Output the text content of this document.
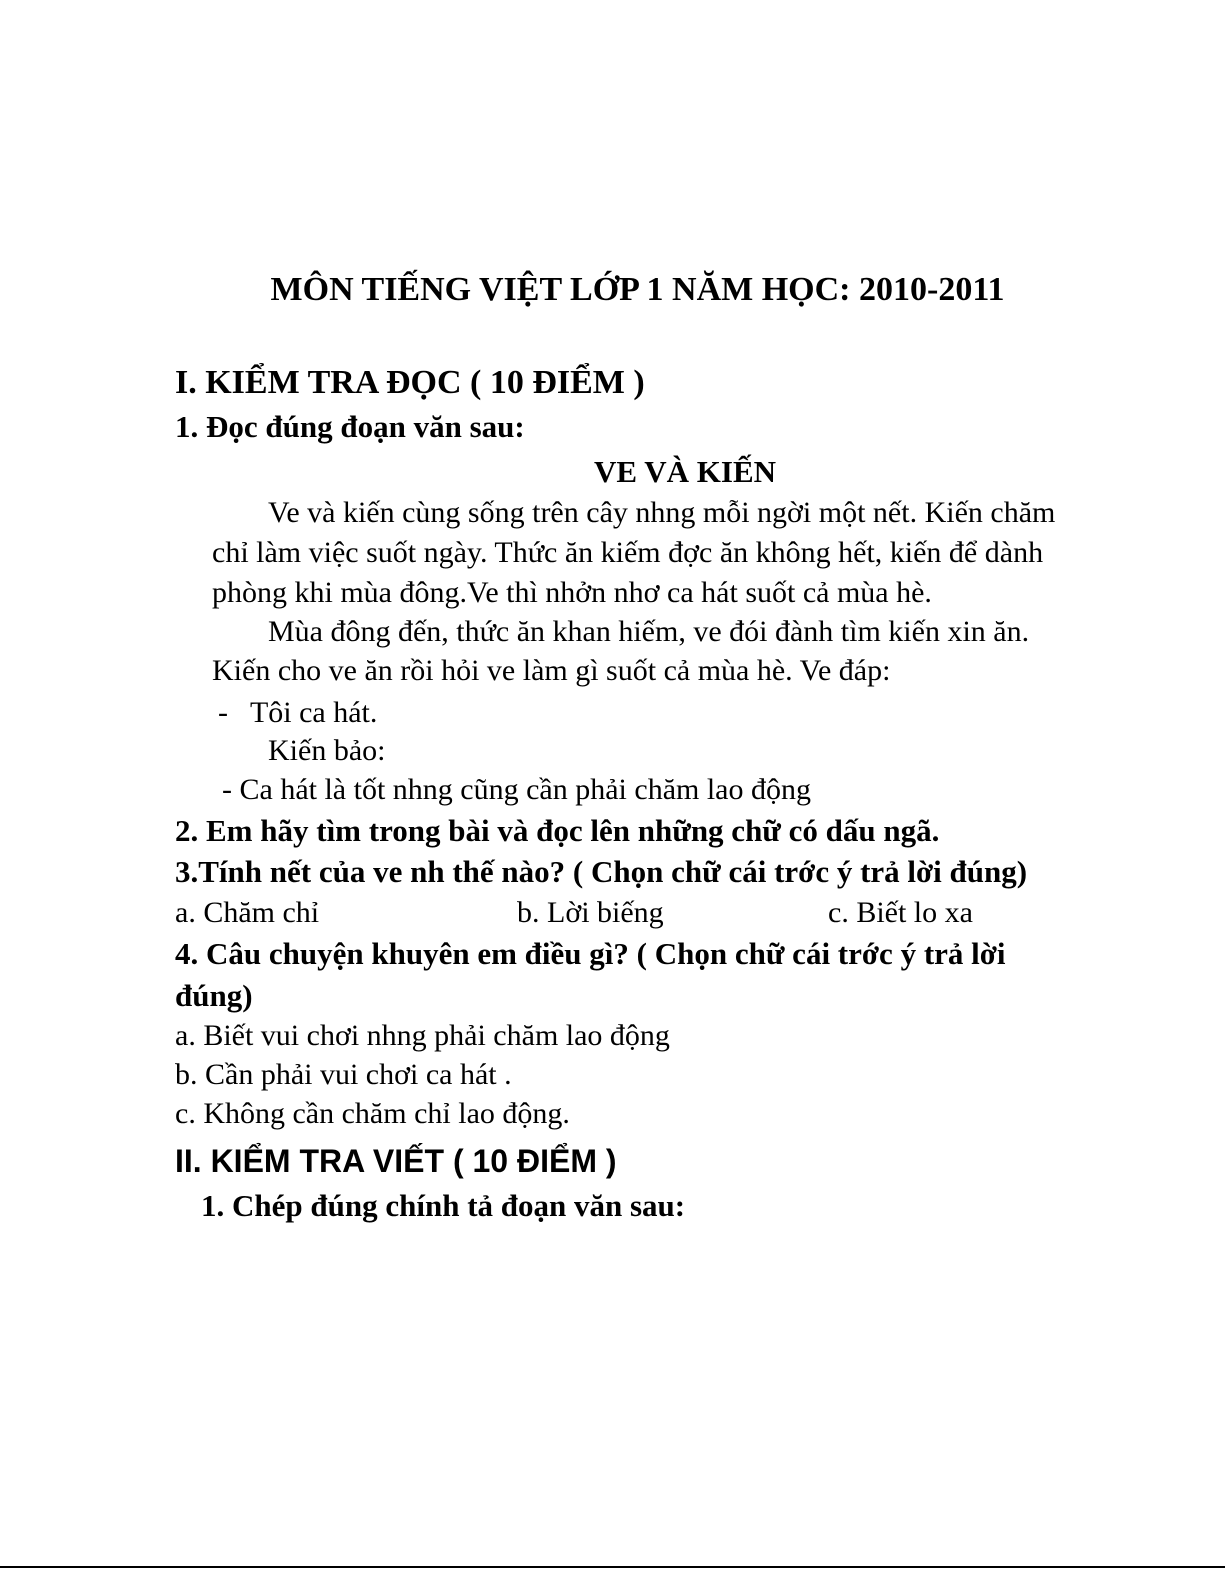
MÔN TIẾNG VIỆT LỚP 1 NĂM HỌC: 2010-2011
I. KIỂM TRA ĐỌC ( 10 ĐIỂM )
1. Đọc đúng đoạn văn sau:
VE VÀ KIẾN
Ve và kiến cùng sống trên cây nhng mỗi ngời một nết. Kiến chăm
chỉ làm việc suốt ngày. Thức ăn kiếm đợc ăn không hết, kiến để dành
phòng khi mùa đông.Ve thì nhởn nhơ ca hát suốt cả mùa hè.
Mùa đông đến, thức ăn khan hiếm, ve đói đành tìm kiến xin ăn.
Kiến cho ve ăn rồi hỏi ve làm gì suốt cả mùa hè. Ve đáp:
-   Tôi ca hát.
Kiến bảo:
- Ca hát là tốt nhng cũng cần phải chăm lao động
2. Em hãy tìm trong bài và đọc lên những chữ có dấu ngã.
3.Tính nết của ve nh thế nào? ( Chọn chữ cái trớc ý trả lời đúng)
a. Chăm chỉ	b. Lời biếng	c. Biết lo xa
4. Câu chuyện khuyên em điều gì? ( Chọn chữ cái trớc ý trả lời
đúng)
a. Biết vui chơi nhng phải chăm lao động
b. Cần phải vui chơi ca hát .
c. Không cần chăm chỉ lao động.
II. KIỂM TRA VIẾT ( 10 ĐIỂM )
1. Chép đúng chính tả đoạn văn sau:
